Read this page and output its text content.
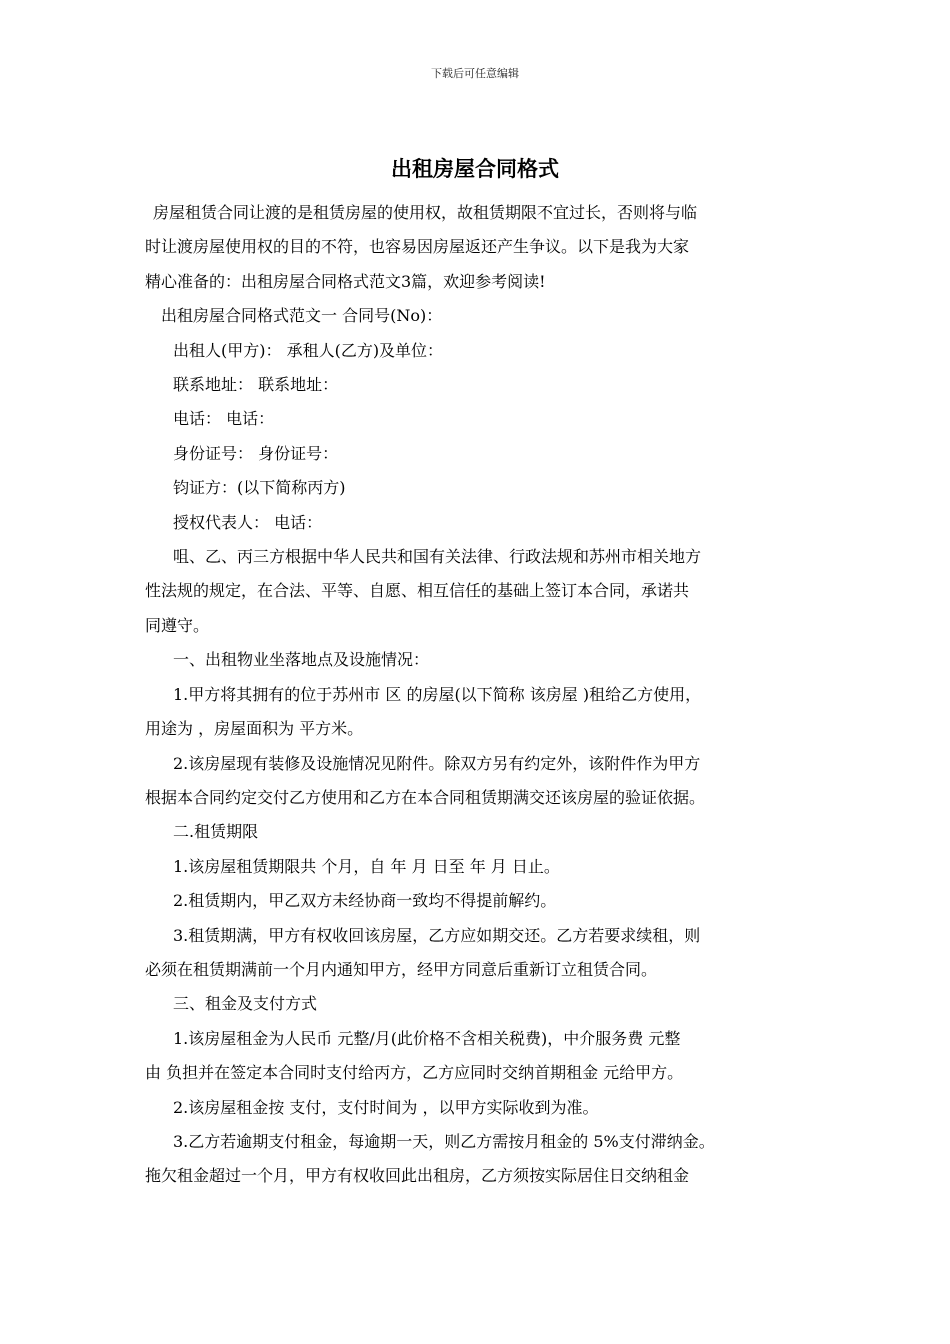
下载后可任意编辑
出租房屋合同格式

房屋租赁合同让渡的是租赁房屋的使用权，故租赁期限不宜过长，否则将与临

时让渡房屋使用权的目的不符，也容易因房屋返还产生争议。以下是我为大家

精心准备的：出租房屋合同格式范文3篇，欢迎参考阅读!

出租房屋合同格式范文一 合同号(No)：

出租人(甲方)： 承租人(乙方)及单位：

联系地址： 联系地址：

电话： 电话：

身份证号： 身份证号：

钧证方：(以下简称丙方)

授权代表人： 电话：

咀、乙、丙三方根据中华人民共和国有关法律、行政法规和苏州市相关地方

性法规的规定，在合法、平等、自愿、相互信任的基础上签订本合同，承诺共

同遵守。

一、出租物业坐落地点及设施情况：

1.甲方将其拥有的位于苏州市 区 的房屋(以下简称 该房屋 )租给乙方使用，

用途为 ，房屋面积为 平方米。

2.该房屋现有装修及设施情况见附件。除双方另有约定外，该附件作为甲方

根据本合同约定交付乙方使用和乙方在本合同租赁期满交还该房屋的验证依据。

二.租赁期限

1.该房屋租赁期限共 个月，自 年 月 日至 年 月 日止。

2.租赁期内，甲乙双方未经协商一致均不得提前解约。

3.租赁期满，甲方有权收回该房屋，乙方应如期交还。乙方若要求续租，则

必须在租赁期满前一个月内通知甲方，经甲方同意后重新订立租赁合同。

三、租金及支付方式

1.该房屋租金为人民币 元整/月(此价格不含相关税费)，中介服务费 元整

由 负担并在签定本合同时支付给丙方，乙方应同时交纳首期租金 元给甲方。

2.该房屋租金按 支付，支付时间为 ，以甲方实际收到为准。

3.乙方若逾期支付租金，每逾期一天，则乙方需按月租金的 5%支付滞纳金。

拖欠租金超过一个月，甲方有权收回此出租房，乙方须按实际居住日交纳租金
